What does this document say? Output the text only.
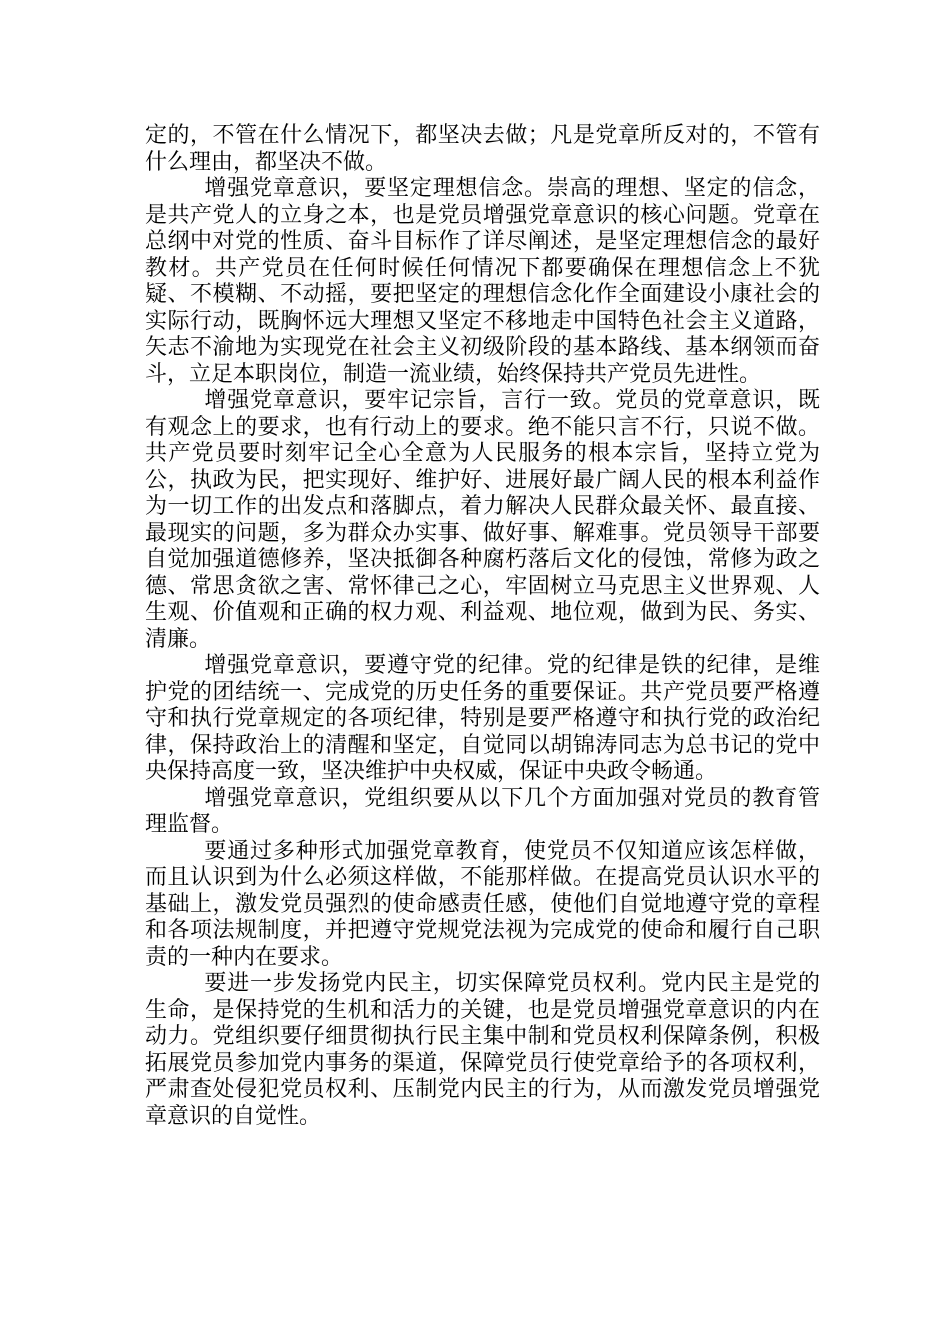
定的，不管在什么情况下，都坚决去做；凡是党章所反对的，不管有什么理由，都坚决不做。

增强党章意识，要坚定理想信念。崇高的理想、坚定的信念，是共产党人的立身之本，也是党员增强党章意识的核心问题。党章在总纲中对党的性质、奋斗目标作了详尽阐述，是坚定理想信念的最好教材。共产党员在任何时候任何情况下都要确保在理想信念上不犹疑、不模糊、不动摇，要把坚定的理想信念化作全面建设小康社会的实际行动，既胸怀远大理想又坚定不移地走中国特色社会主义道路，矢志不渝地为实现党在社会主义初级阶段的基本路线、基本纲领而奋斗，立足本职岗位，制造一流业绩，始终保持共产党员先进性。

增强党章意识，要牢记宗旨，言行一致。党员的党章意识，既有观念上的要求，也有行动上的要求。绝不能只言不行，只说不做。共产党员要时刻牢记全心全意为人民服务的根本宗旨，坚持立党为公，执政为民，把实现好、维护好、进展好最广阔人民的根本利益作为一切工作的出发点和落脚点，着力解决人民群众最关怀、最直接、最现实的问题，多为群众办实事、做好事、解难事。党员领导干部要自觉加强道德修养，坚决抵御各种腐朽落后文化的侵蚀，常修为政之德、常思贪欲之害、常怀律己之心，牢固树立马克思主义世界观、人生观、价值观和正确的权力观、利益观、地位观，做到为民、务实、清廉。

增强党章意识，要遵守党的纪律。党的纪律是铁的纪律，是维护党的团结统一、完成党的历史任务的重要保证。共产党员要严格遵守和执行党章规定的各项纪律，特别是要严格遵守和执行党的政治纪律，保持政治上的清醒和坚定，自觉同以胡锦涛同志为总书记的党中央保持高度一致，坚决维护中央权威，保证中央政令畅通。

增强党章意识，党组织要从以下几个方面加强对党员的教育管理监督。

要通过多种形式加强党章教育，使党员不仅知道应该怎样做，而且认识到为什么必须这样做，不能那样做。在提高党员认识水平的基础上，激发党员强烈的使命感责任感，使他们自觉地遵守党的章程和各项法规制度，并把遵守党规党法视为完成党的使命和履行自己职责的一种内在要求。

要进一步发扬党内民主，切实保障党员权利。党内民主是党的生命，是保持党的生机和活力的关键，也是党员增强党章意识的内在动力。党组织要仔细贯彻执行民主集中制和党员权利保障条例，积极拓展党员参加党内事务的渠道，保障党员行使党章给予的各项权利，严肃查处侵犯党员权利、压制党内民主的行为，从而激发党员增强党章意识的自觉性。
